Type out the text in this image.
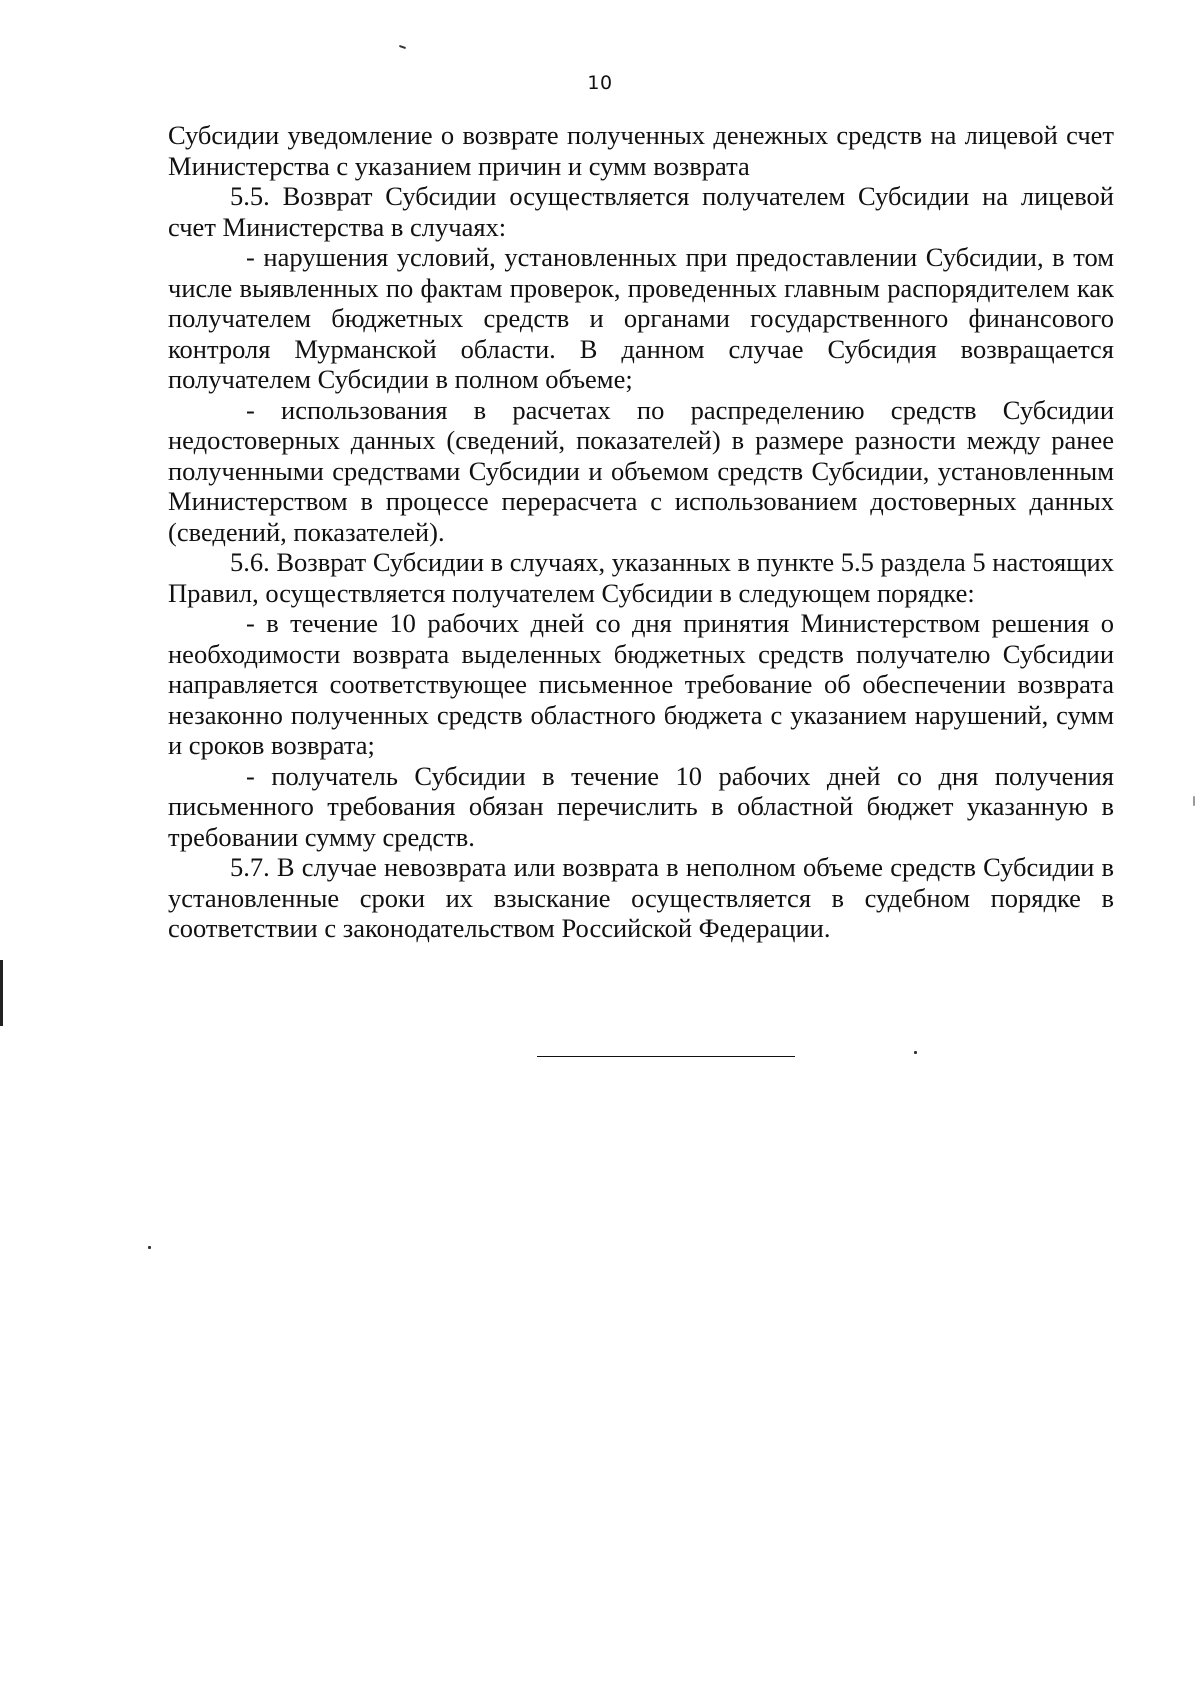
10

Субсидии уведомление о возврате полученных денежных средств на лицевой счет Министерства с указанием причин и сумм возврата

5.5. Возврат Субсидии осуществляется получателем Субсидии на лицевой счет Министерства в случаях:

- нарушения условий, установленных при предоставлении Субсидии, в том числе выявленных по фактам проверок, проведенных главным распорядителем как получателем бюджетных средств и органами государственного финансового контроля Мурманской области. В данном случае Субсидия возвращается получателем Субсидии в полном объеме;

- использования в расчетах по распределению средств Субсидии недостоверных данных (сведений, показателей) в размере разности между ранее полученными средствами Субсидии и объемом средств Субсидии, установленным Министерством в процессе перерасчета с использованием достоверных данных (сведений, показателей).

5.6. Возврат Субсидии в случаях, указанных в пункте 5.5 раздела 5 настоящих Правил, осуществляется получателем Субсидии в следующем порядке:

- в течение 10 рабочих дней со дня принятия Министерством решения о необходимости возврата выделенных бюджетных средств получателю Субсидии направляется соответствующее письменное требование об обеспечении возврата незаконно полученных средств областного бюджета с указанием нарушений, сумм и сроков возврата;

- получатель Субсидии в течение 10 рабочих дней со дня получения письменного требования обязан перечислить в областной бюджет указанную в требовании сумму средств.

5.7. В случае невозврата или возврата в неполном объеме средств Субсидии в установленные сроки их взыскание осуществляется в судебном порядке в соответствии с законодательством Российской Федерации.
